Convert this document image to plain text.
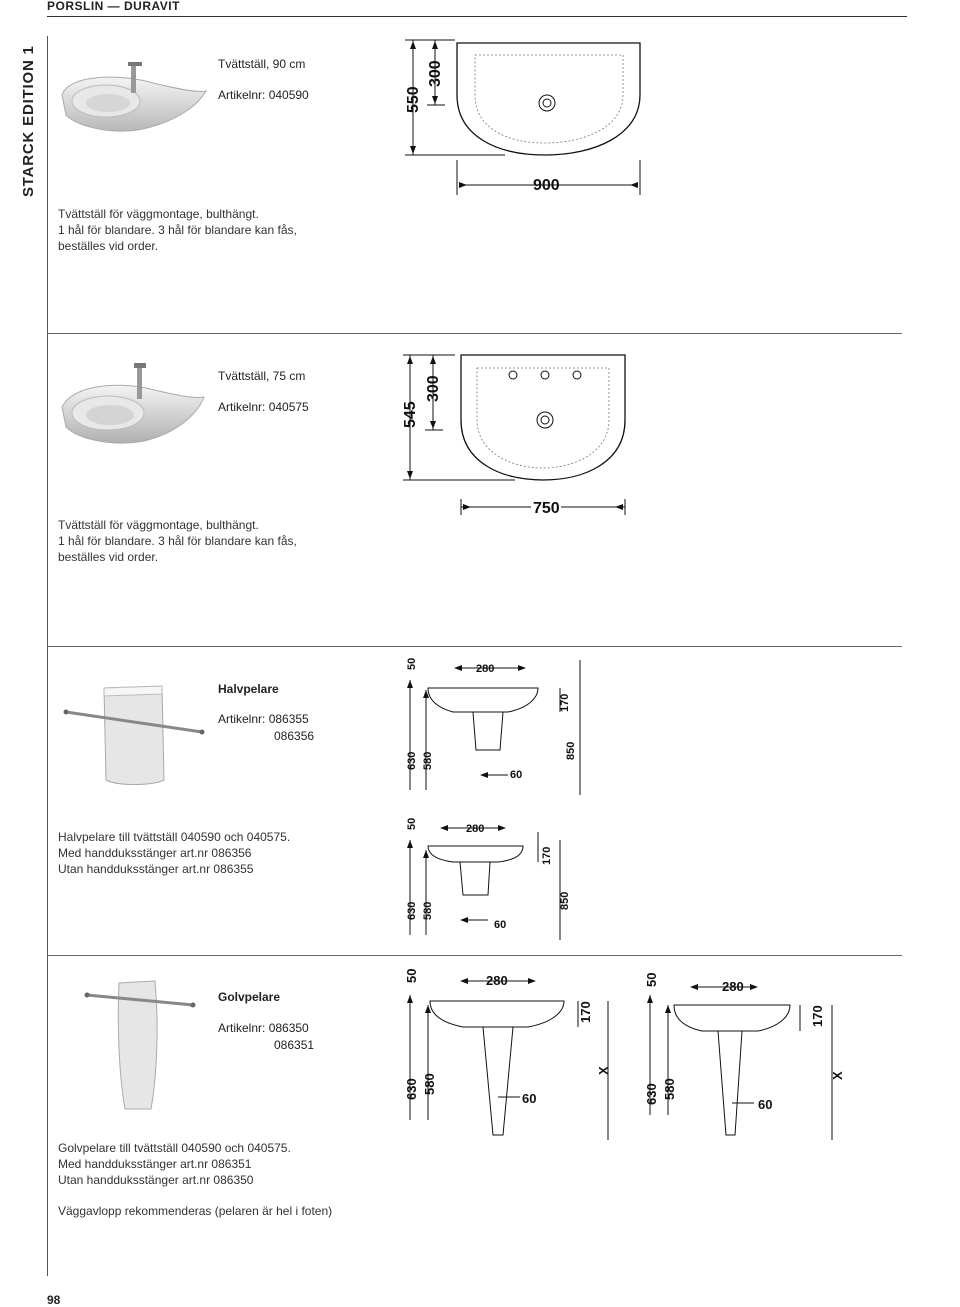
PORSLIN — DURAVIT
STARCK EDITION 1	Tvättställ, 90 cm
Artikelnr: 040590
Tvättställ för väggmontage, bulthängt.
1 hål för blandare. 3 hål för blandare kan fås,
beställes vid order.
550
300
900
Tvättställ, 75 cm
Artikelnr: 040575
Tvättställ för väggmontage, bulthängt.
1 hål för blandare. 3 hål för blandare kan fås,
beställes vid order.
545
300
750
Halvpelare
Artikelnr: 086355
086356
Halvpelare till tvättställ 040590 och 040575.
Med handduksstänger art.nr 086356
Utan handduksstänger art.nr 086355
50
630 580
280
60
170
850
50
630 580
280
60
170
850
Golvpelare
Artikelnr: 086350
086351
Golvpelare till tvättställ 040590 och 040575.
Med handduksstänger art.nr 086351
Utan handduksstänger art.nr 086350
Väggavlopp rekommenderas (pelaren är hel i foten)
50
630 580
280
60
170
X
50
630 580
280
60
170
X
98
